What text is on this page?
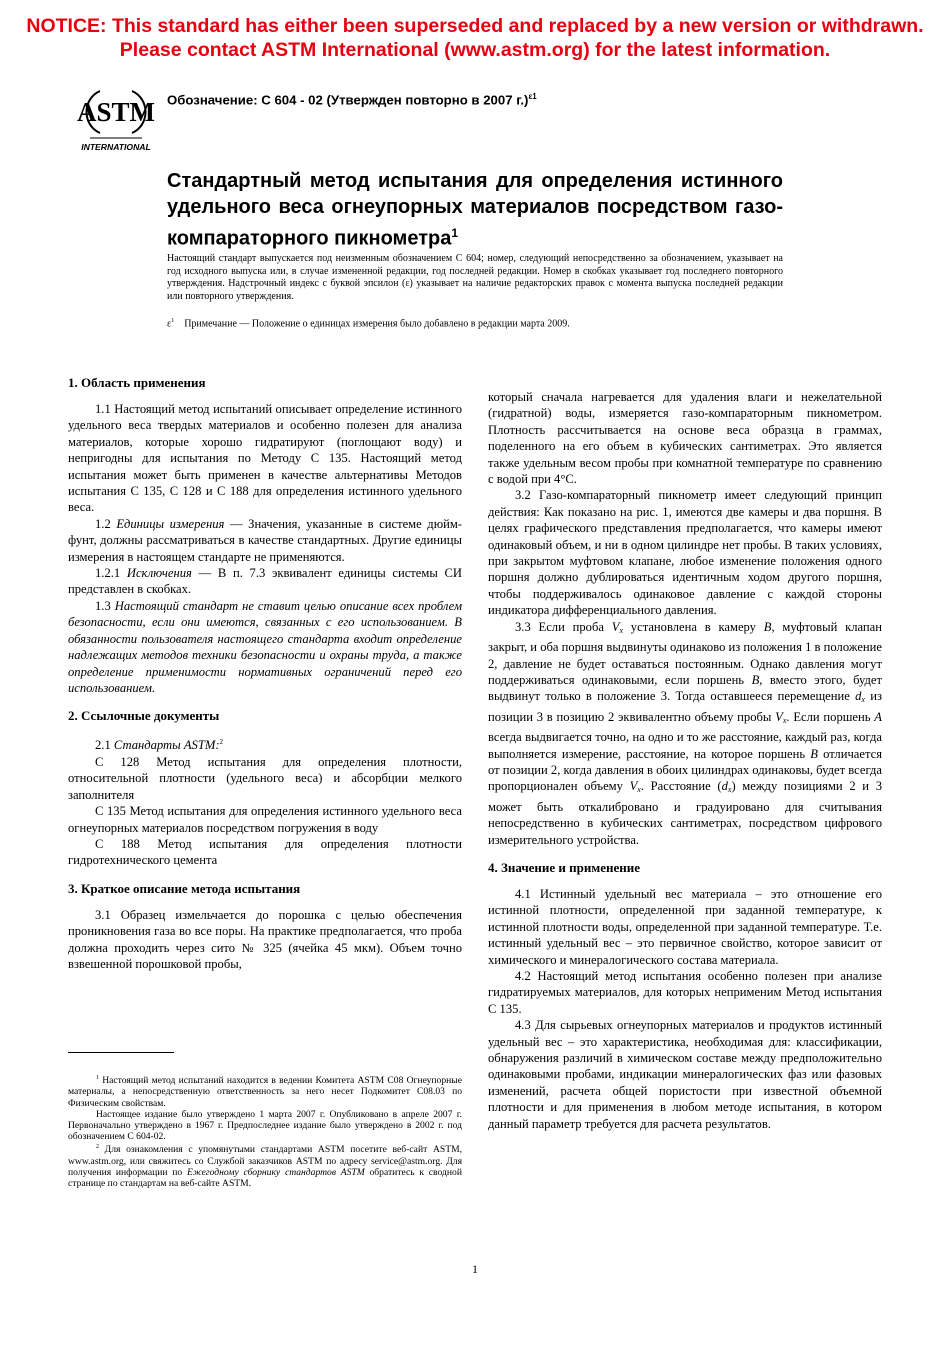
NOTICE: This standard has either been superseded and replaced by a new version or withdrawn.
Please contact ASTM International (www.astm.org) for the latest information.
ASTM
INTERNATIONAL
Обозначение: C 604 - 02 (Утвержден повторно в 2007 г.)$^{\varepsilon 1}$
Стандартный метод испытания для определения истинного удельного веса огнеупорных материалов посредством газо-компараторного пикнометра$^1$
Настоящий стандарт выпускается под неизменным обозначением C 604; номер, следующий непосредственно за обозначением, указывает на год исходного выпуска или, в случае измененной редакции, год последней редакции. Номер в скобках указывает год последнего повторного утверждения. Надстрочный индекс с буквой эпсилон (ε) указывает на наличие редакторских правок с момента выпуска последней редакции или повторного утверждения.
$\varepsilon^1$ Примечание — Положение о единицах измерения было добавлено в редакции марта 2009.
1. Область применения

1.1 Настоящий метод испытаний описывает определение истинного удельного веса твердых материалов и особенно полезен для анализа материалов, которые хорошо гидратируют (поглощают воду) и непригодны для испытания по Методу C 135. Настоящий метод испытания может быть применен в качестве альтернативы Методов испытания C 135, C 128 и C 188 для определения истинного удельного веса.

1.2 Единицы измерения — Значения, указанные в системе дюйм-фунт, должны рассматриваться в качестве стандартных. Другие единицы измерения в настоящем стандарте не применяются.

1.2.1 Исключения — В п. 7.3 эквивалент единицы системы СИ представлен в скобках.

1.3 Настоящий стандарт не ставит целью описание всех проблем безопасности, если они имеются, связанных с его использованием. В обязанности пользователя настоящего стандарта входит определение надлежащих методов техники безопасности и охраны труда, а также определение применимости нормативных ограничений перед его использованием.

2. Ссылочные документы

2.1 Стандарты ASTM:$^2$

C 128 Метод испытания для определения плотности, относительной плотности (удельного веса) и абсорбции мелкого заполнителя

C 135 Метод испытания для определения истинного удельного веса огнеупорных материалов посредством погружения в воду

C 188 Метод испытания для определения плотности гидротехнического цемента

3. Краткое описание метода испытания

3.1 Образец измельчается до порошка с целью обеспечения проникновения газа во все поры. На практике предполагается, что проба должна проходить через сито № 325 (ячейка 45 мкм). Объем точно взвешенной порошковой пробы,

$^1$ Настоящий метод испытаний находится в ведении Комитета ASTM C08 Огнеупорные материалы, а непосредственную ответственность за него несет Подкомитет C08.03 по Физическим свойствам.

Настоящее издание было утверждено 1 марта 2007 г. Опубликовано в апреле 2007 г. Первоначально утверждено в 1967 г. Предпоследнее издание было утверждено в 2002 г. под обозначением C 604-02.

$^2$ Для ознакомления с упомянутыми стандартами ASTM посетите веб-сайт ASTM, www.astm.org, или свяжитесь со Службой заказчиков ASTM по адресу service@astm.org. Для получения информации по Ежегодному сборнику стандартов ASTM обратитесь к сводной странице по стандартам на веб-сайте ASTM.

который сначала нагревается для удаления влаги и нежелательной (гидратной) воды, измеряется газо-компараторным пикнометром. Плотность рассчитывается на основе веса образца в граммах, поделенного на его объем в кубических сантиметрах. Это является также удельным весом пробы при комнатной температуре по сравнению с водой при 4°C.

3.2 Газо-компараторный пикнометр имеет следующий принцип действия: Как показано на рис. 1, имеются две камеры и два поршня. В целях графического представления предполагается, что камеры имеют одинаковый объем, и ни в одном цилиндре нет пробы. В таких условиях, при закрытом муфтовом клапане, любое изменение положения одного поршня должно дублироваться идентичным ходом другого поршня, чтобы поддерживалось одинаковое давление с каждой стороны индикатора дифференциального давления.

3.3 Если проба $V_x$ установлена в камеру B, муфтовый клапан закрыт, и оба поршня выдвинуты одинаково из положения 1 в положение 2, давление не будет оставаться постоянным. Однако давления могут поддерживаться одинаковыми, если поршень B, вместо этого, будет выдвинут только в положение 3. Тогда оставшееся перемещение $d_x$ из позиции 3 в позицию 2 эквивалентно объему пробы $V_x$. Если поршень A всегда выдвигается точно, на одно и то же расстояние, каждый раз, когда выполняется измерение, расстояние, на которое поршень B отличается от позиции 2, когда давления в обоих цилиндрах одинаковы, будет всегда пропорционален объему $V_x$. Расстояние $(d_x)$ между позициями 2 и 3 может быть откалибровано и градуировано для считывания непосредственно в кубических сантиметрах, посредством цифрового измерительного устройства.

4. Значение и применение

4.1 Истинный удельный вес материала – это отношение его истинной плотности, определенной при заданной температуре, к истинной плотности воды, определенной при заданной температуре. Т.е. истинный удельный вес – это первичное свойство, которое зависит от химического и минералогического состава материала.

4.2 Настоящий метод испытания особенно полезен при анализе гидратируемых материалов, для которых неприменим Метод испытания C 135.

4.3 Для сырьевых огнеупорных материалов и продуктов истинный удельный вес – это характеристика, необходимая для: классификации, обнаружения различий в химическом составе между предположительно одинаковыми пробами, индикации минералогических фаз или фазовых изменений, расчета общей пористости при известной объемной плотности и для применения в любом методе испытания, в котором данный параметр требуется для расчета результатов.

1
